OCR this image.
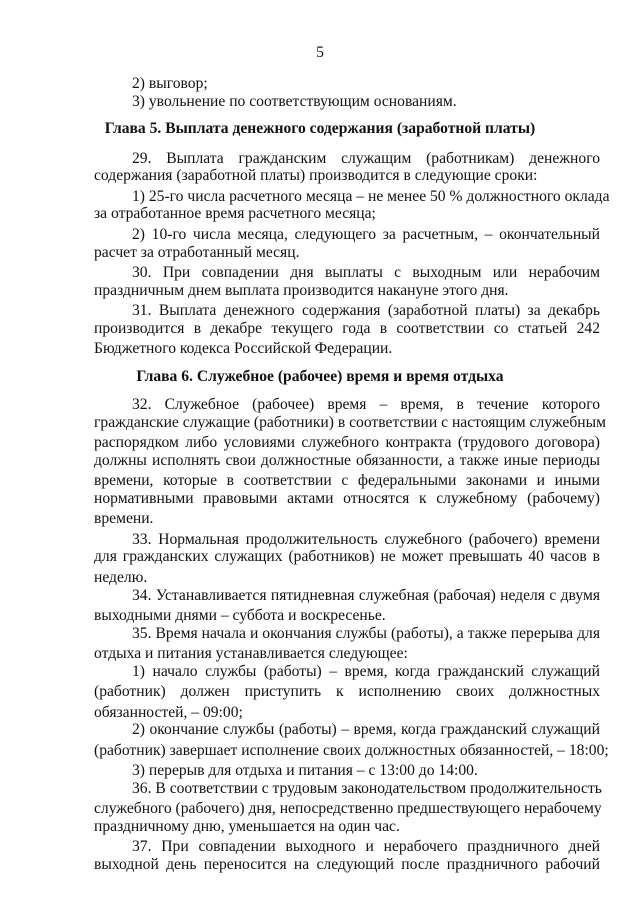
5
2) выговор;
3) увольнение по соответствующим основаниям.
Глава 5. Выплата денежного содержания (заработной платы)
29. Выплата гражданским служащим (работникам) денежного
содержания (заработной платы) производится в следующие сроки:
1) 25-го числа расчетного месяца – не менее 50 % должностного оклада
за отработанное время расчетного месяца;
2) 10-го числа месяца, следующего за расчетным, – окончательный
расчет за отработанный месяц.
30. При совпадении дня выплаты с выходным или нерабочим
праздничным днем выплата производится накануне этого дня.
31. Выплата денежного содержания (заработной платы) за декабрь
производится в декабре текущего года в соответствии со статьей 242
Бюджетного кодекса Российской Федерации.
Глава 6. Служебное (рабочее) время и время отдыха
32. Служебное (рабочее) время – время, в течение которого
гражданские служащие (работники) в соответствии с настоящим служебным
распорядком либо условиями служебного контракта (трудового договора)
должны исполнять свои должностные обязанности, а также иные периоды
времени, которые в соответствии с федеральными законами и иными
нормативными правовыми актами относятся к служебному (рабочему)
времени.
33. Нормальная продолжительность служебного (рабочего) времени
для гражданских служащих (работников) не может превышать 40 часов в
неделю.
34. Устанавливается пятидневная служебная (рабочая) неделя с двумя
выходными днями – суббота и воскресенье.
35. Время начала и окончания службы (работы), а также перерыва для
отдыха и питания устанавливается следующее:
1) начало службы (работы) – время, когда гражданский служащий
(работник) должен приступить к исполнению своих должностных
обязанностей, – 09:00;
2) окончание службы (работы) – время, когда гражданский служащий
(работник) завершает исполнение своих должностных обязанностей, – 18:00;
3) перерыв для отдыха и питания – с 13:00 до 14:00.
36. В соответствии с трудовым законодательством продолжительность
служебного (рабочего) дня, непосредственно предшествующего нерабочему
праздничному дню, уменьшается на один час.
37. При совпадении выходного и нерабочего праздничного дней
выходной день переносится на следующий после праздничного рабочий
